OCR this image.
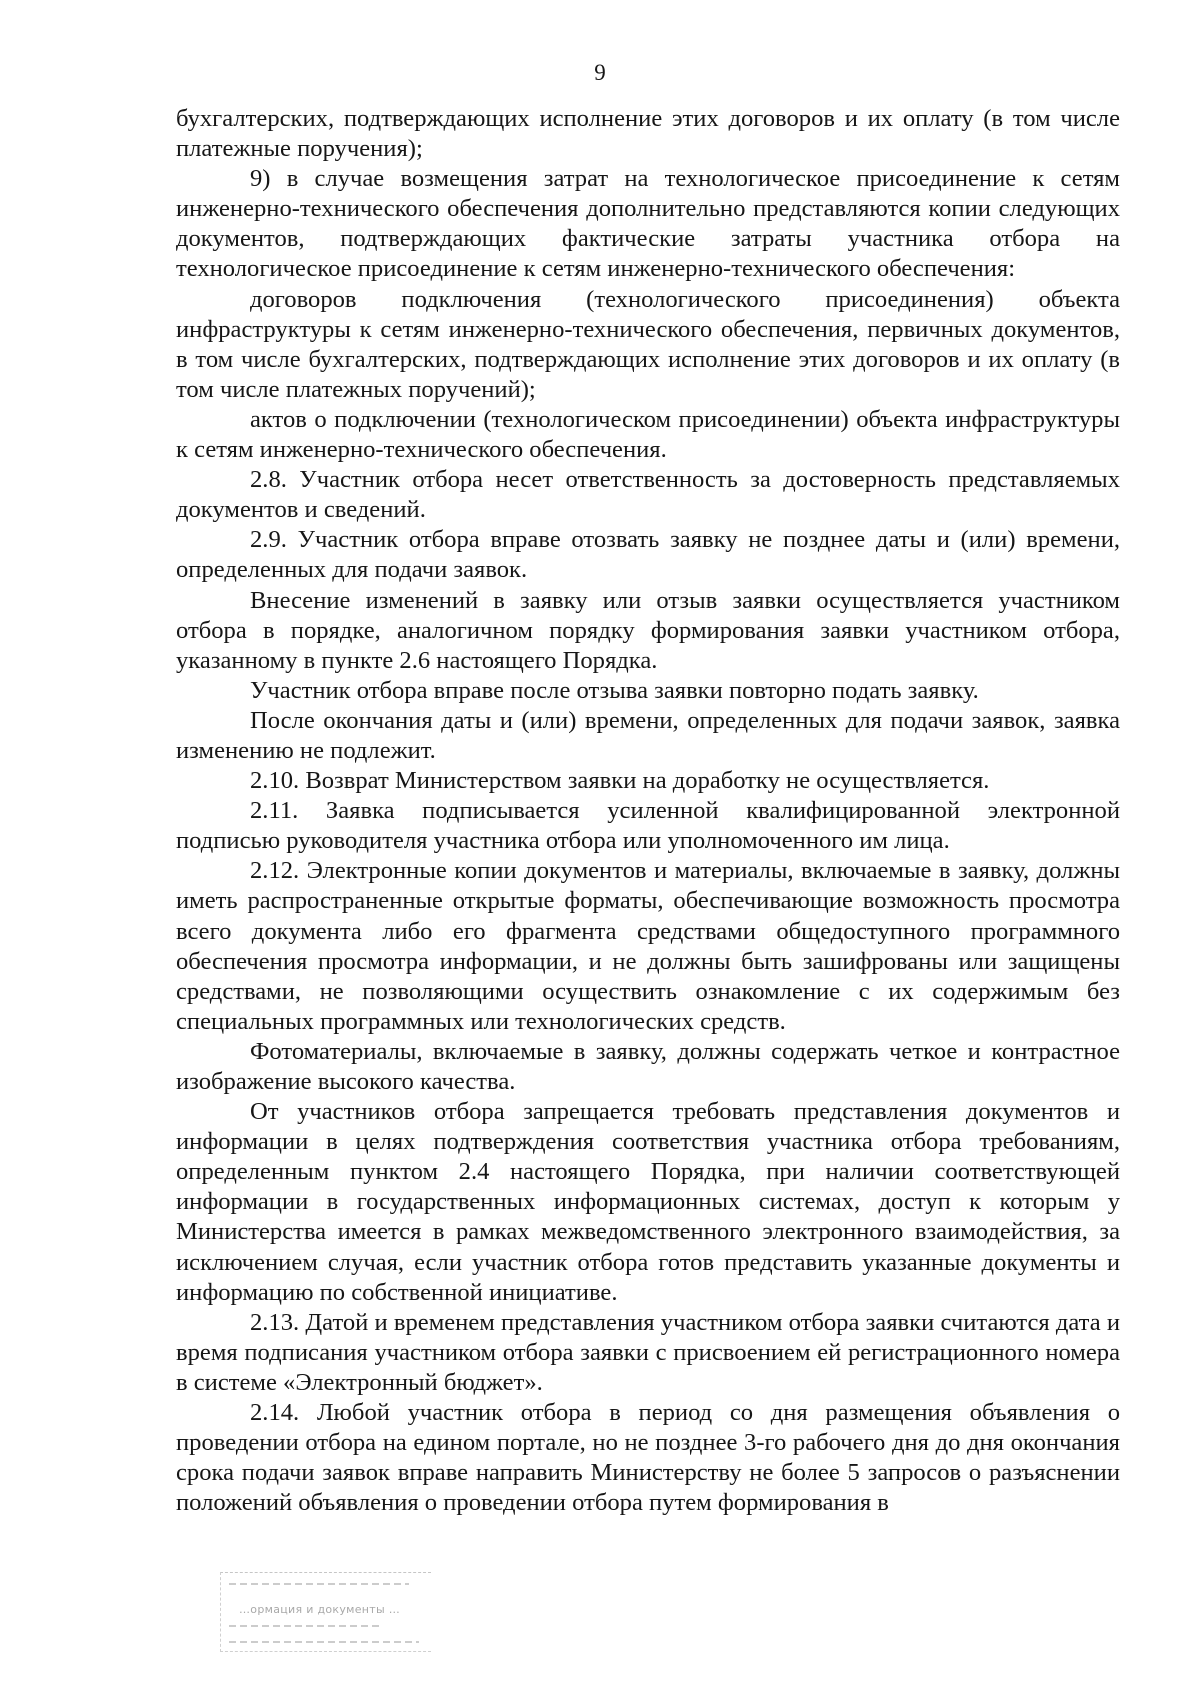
9

бухгалтерских, подтверждающих исполнение этих договоров и их оплату (в том числе платежные поручения);

9) в случае возмещения затрат на технологическое присоединение к сетям инженерно-технического обеспечения дополнительно представляются копии следующих документов, подтверждающих фактические затраты участника отбора на технологическое присоединение к сетям инженерно-технического обеспечения:

договоров подключения (технологического присоединения) объекта инфраструктуры к сетям инженерно-технического обеспечения, первичных документов, в том числе бухгалтерских, подтверждающих исполнение этих договоров и их оплату (в том числе платежных поручений);

актов о подключении (технологическом присоединении) объекта инфраструктуры к сетям инженерно-технического обеспечения.

2.8. Участник отбора несет ответственность за достоверность представляемых документов и сведений.

2.9. Участник отбора вправе отозвать заявку не позднее даты и (или) времени, определенных для подачи заявок.

Внесение изменений в заявку или отзыв заявки осуществляется участником отбора в порядке, аналогичном порядку формирования заявки участником отбора, указанному в пункте 2.6 настоящего Порядка.

Участник отбора вправе после отзыва заявки повторно подать заявку.

После окончания даты и (или) времени, определенных для подачи заявок, заявка изменению не подлежит.

2.10. Возврат Министерством заявки на доработку не осуществляется.

2.11. Заявка подписывается усиленной квалифицированной электронной подписью руководителя участника отбора или уполномоченного им лица.

2.12. Электронные копии документов и материалы, включаемые в заявку, должны иметь распространенные открытые форматы, обеспечивающие возможность просмотра всего документа либо его фрагмента средствами общедоступного программного обеспечения просмотра информации, и не должны быть зашифрованы или защищены средствами, не позволяющими осуществить ознакомление с их содержимым без специальных программных или технологических средств.

Фотоматериалы, включаемые в заявку, должны содержать четкое и контрастное изображение высокого качества.

От участников отбора запрещается требовать представления документов и информации в целях подтверждения соответствия участника отбора требованиям, определенным пунктом 2.4 настоящего Порядка, при наличии соответствующей информации в государственных информационных системах, доступ к которым у Министерства имеется в рамках межведомственного электронного взаимодействия, за исключением случая, если участник отбора готов представить указанные документы и информацию по собственной инициативе.

2.13. Датой и временем представления участником отбора заявки считаются дата и время подписания участником отбора заявки с присвоением ей регистрационного номера в системе «Электронный бюджет».

2.14. Любой участник отбора в период со дня размещения объявления о проведении отбора на едином портале, но не позднее 3-го рабочего дня до дня окончания срока подачи заявок вправе направить Министерству не более 5 запросов о разъяснении положений объявления о проведении отбора путем формирования в

…ормация и документы …
